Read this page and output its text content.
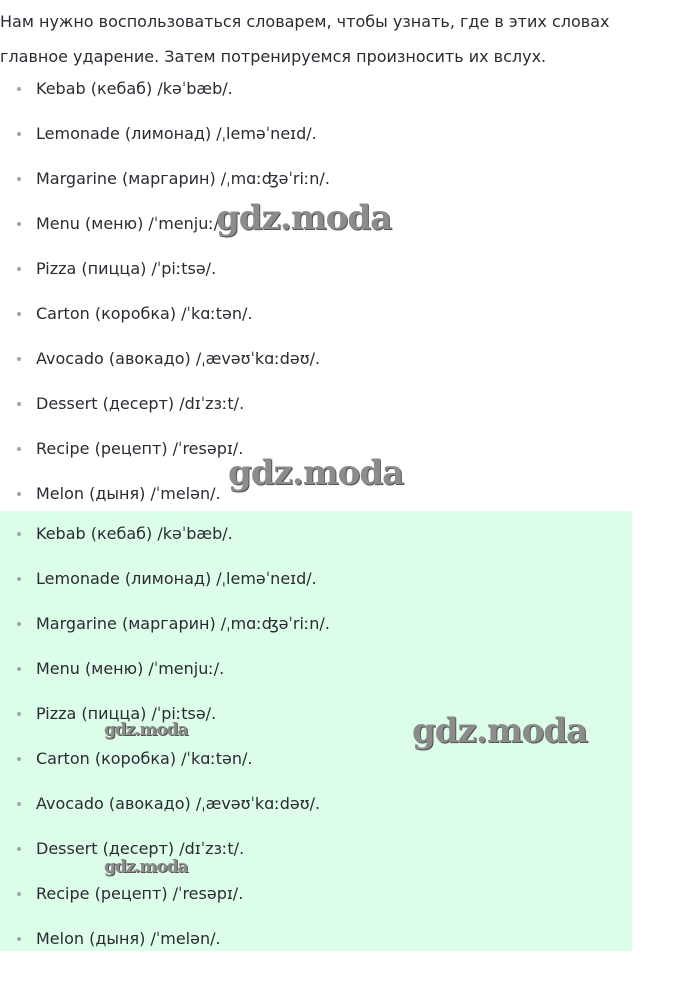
Нам нужно воспользоваться словарем, чтобы узнать, где в этих словах главное ударение. Затем потренируемся произносить их вслух.

Kebab (кебаб) /kəˈbæb/.
Lemonade (лимонад) /ˌleməˈneɪd/.
Margarine (маргарин) /ˌmɑːʤəˈriːn/.
Menu (меню) /ˈmenjuː/.
Pizza (пицца) /ˈpiːtsə/.
Carton (коробка) /ˈkɑːtən/.
Avocado (авокадо) /ˌævəʊˈkɑːdəʊ/.
Dessert (десерт) /dɪˈzɜːt/.
Recipe (рецепт) /ˈresəpɪ/.
Melon (дыня) /ˈmelən/.
Kebab (кебаб) /kəˈbæb/.
Lemonade (лимонад) /ˌleməˈneɪd/.
Margarine (маргарин) /ˌmɑːʤəˈriːn/.
Menu (меню) /ˈmenjuː/.
Pizza (пицца) /ˈpiːtsə/.
Carton (коробка) /ˈkɑːtən/.
Avocado (авокадо) /ˌævəʊˈkɑːdəʊ/.
Dessert (десерт) /dɪˈzɜːt/.
Recipe (рецепт) /ˈresəpɪ/.
Melon (дыня) /ˈmelən/.
gdz.moda
gdz.moda
gdz.moda
gdz.moda
gdz.moda
